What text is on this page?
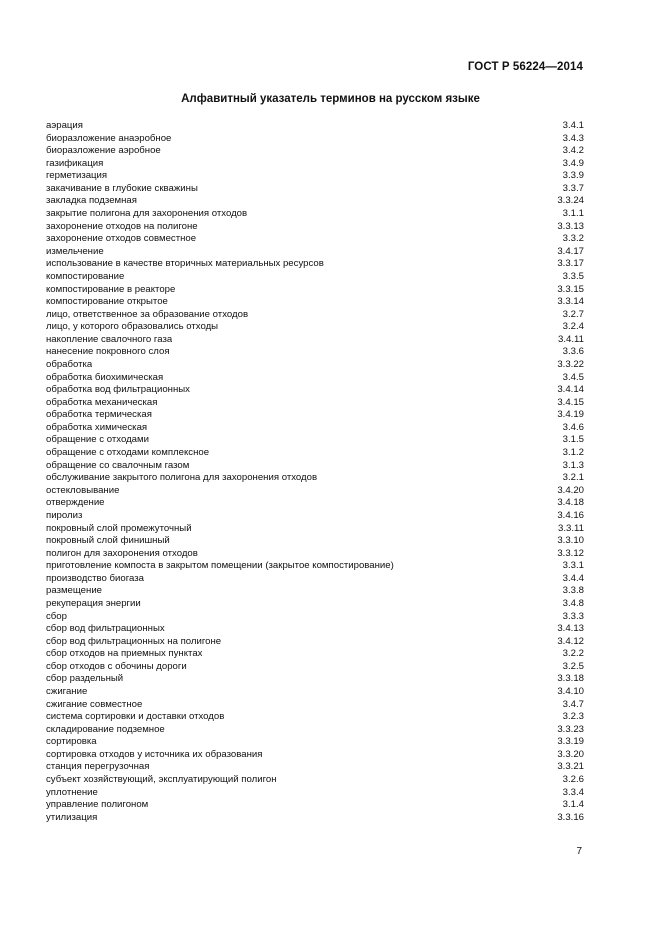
ГОСТ Р 56224—2014
Алфавитный указатель терминов на русском языке
аэрация	3.4.1
биоразложение анаэробное	3.4.3
биоразложение аэробное	3.4.2
газификация	3.4.9
герметизация	3.3.9
закачивание в глубокие скважины	3.3.7
закладка подземная	3.3.24
закрытие полигона для захоронения отходов	3.1.1
захоронение отходов на полигоне	3.3.13
захоронение отходов совместное	3.3.2
измельчение	3.4.17
использование в качестве вторичных материальных ресурсов	3.3.17
компостирование	3.3.5
компостирование в реакторе	3.3.15
компостирование открытое	3.3.14
лицо, ответственное за образование отходов	3.2.7
лицо, у которого образовались отходы	3.2.4
накопление свалочного газа	3.4.11
нанесение покровного слоя	3.3.6
обработка	3.3.22
обработка биохимическая	3.4.5
обработка вод фильтрационных	3.4.14
обработка механическая	3.4.15
обработка термическая	3.4.19
обработка химическая	3.4.6
обращение с отходами	3.1.5
обращение с отходами комплексное	3.1.2
обращение со свалочным газом	3.1.3
обслуживание закрытого полигона для захоронения отходов	3.2.1
остекловывание	3.4.20
отверждение	3.4.18
пиролиз	3.4.16
покровный слой промежуточный	3.3.11
покровный слой финишный	3.3.10
полигон для захоронения отходов	3.3.12
приготовление компоста в закрытом помещении (закрытое компостирование)	3.3.1
производство биогаза	3.4.4
размещение	3.3.8
рекуперация энергии	3.4.8
сбор	3.3.3
сбор вод фильтрационных	3.4.13
сбор вод фильтрационных на полигоне	3.4.12
сбор отходов на приемных пунктах	3.2.2
сбор отходов с обочины дороги	3.2.5
сбор раздельный	3.3.18
сжигание	3.4.10
сжигание совместное	3.4.7
система сортировки и доставки отходов	3.2.3
складирование подземное	3.3.23
сортировка	3.3.19
сортировка отходов у источника их образования	3.3.20
станция перегрузочная	3.3.21
субъект хозяйствующий, эксплуатирующий полигон	3.2.6
уплотнение	3.3.4
управление полигоном	3.1.4
утилизация	3.3.16
7
